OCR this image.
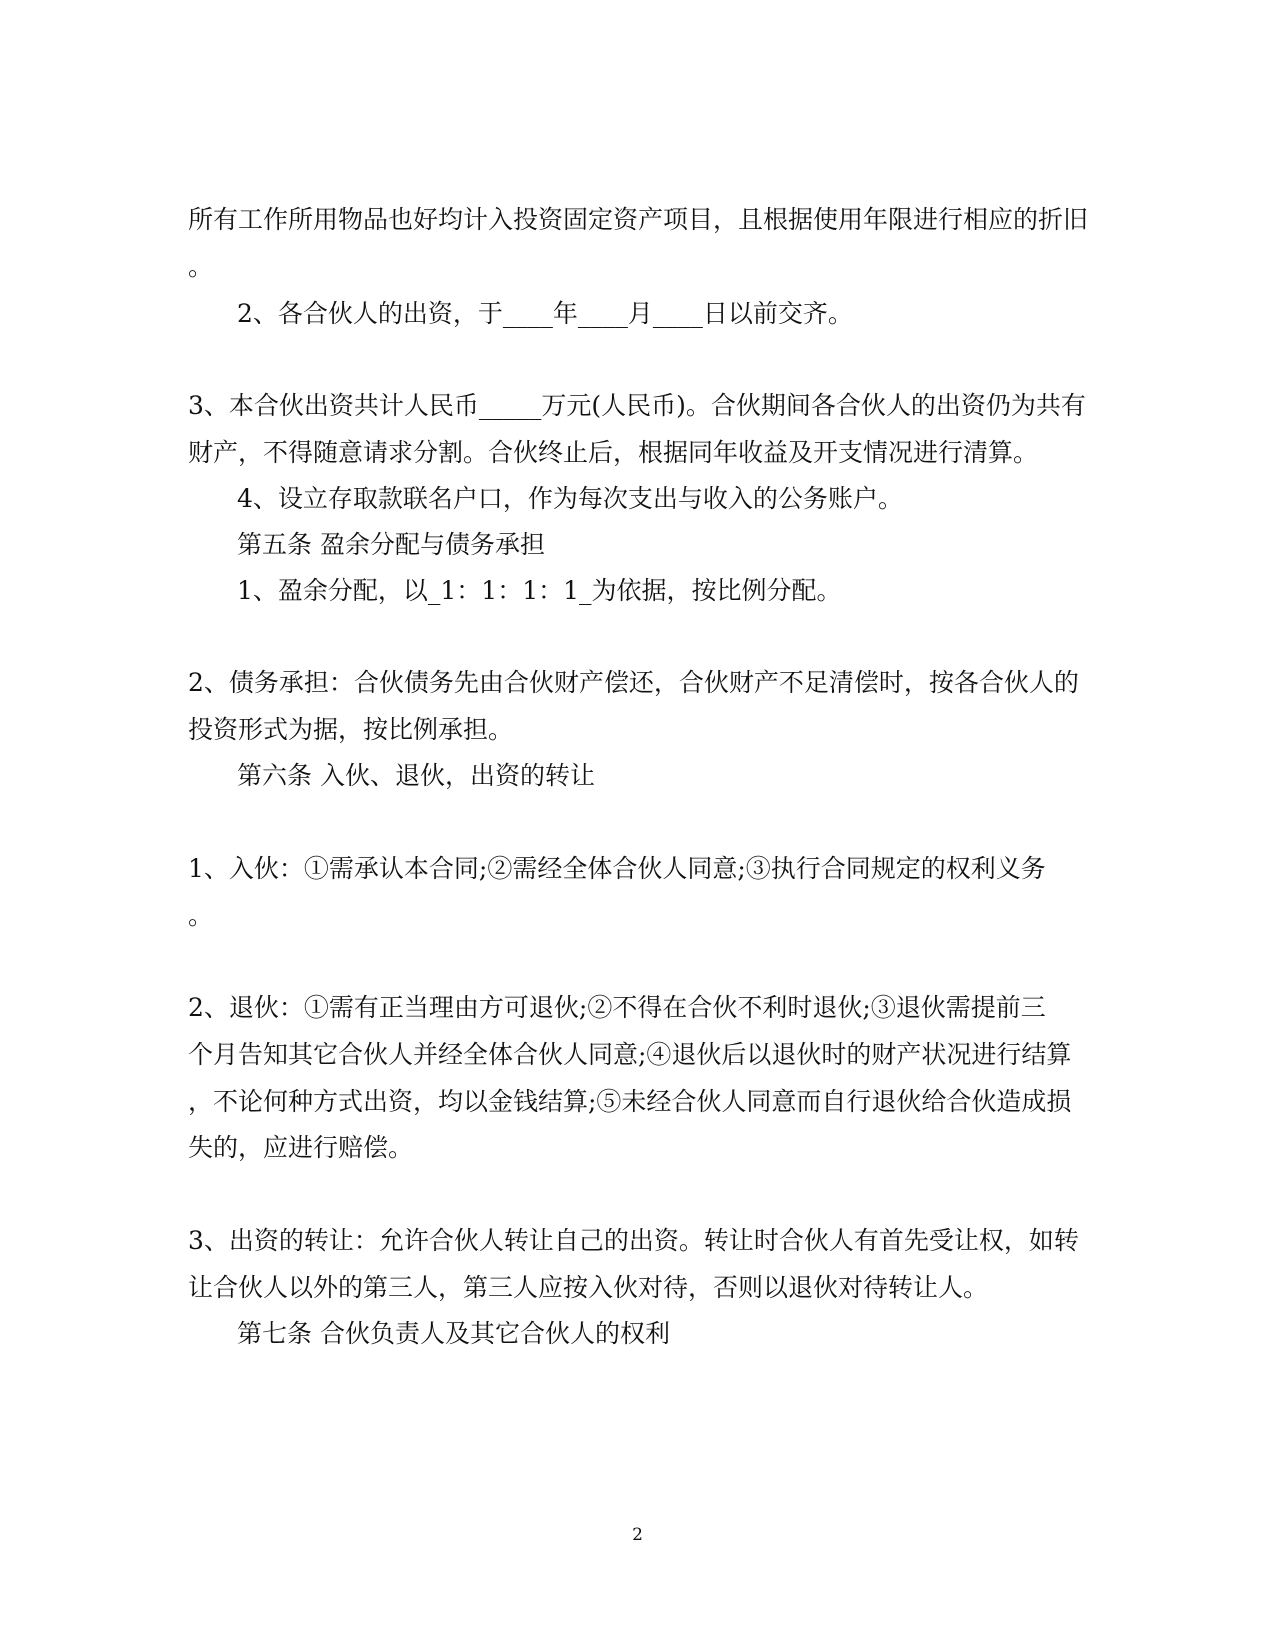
所有工作所用物品也好均计入投资固定资产项目，且根据使用年限进行相应的折旧

。

2、各合伙人的出资，于____年____月____日以前交齐。

3、本合伙出资共计人民币_____万元(人民币)。合伙期间各合伙人的出资仍为共有

财产，不得随意请求分割。合伙终止后，根据同年收益及开支情况进行清算。

4、设立存取款联名户口，作为每次支出与收入的公务账户。

第五条 盈余分配与债务承担

1、盈余分配，以_1：1：1：1_为依据，按比例分配。

2、债务承担：合伙债务先由合伙财产偿还，合伙财产不足清偿时，按各合伙人的

投资形式为据，按比例承担。

第六条 入伙、退伙，出资的转让

1、入伙：①需承认本合同;②需经全体合伙人同意;③执行合同规定的权利义务

。

2、退伙：①需有正当理由方可退伙;②不得在合伙不利时退伙;③退伙需提前三

个月告知其它合伙人并经全体合伙人同意;④退伙后以退伙时的财产状况进行结算

，不论何种方式出资，均以金钱结算;⑤未经合伙人同意而自行退伙给合伙造成损

失的，应进行赔偿。

3、出资的转让：允许合伙人转让自己的出资。转让时合伙人有首先受让权，如转

让合伙人以外的第三人，第三人应按入伙对待，否则以退伙对待转让人。

第七条 合伙负责人及其它合伙人的权利

2
